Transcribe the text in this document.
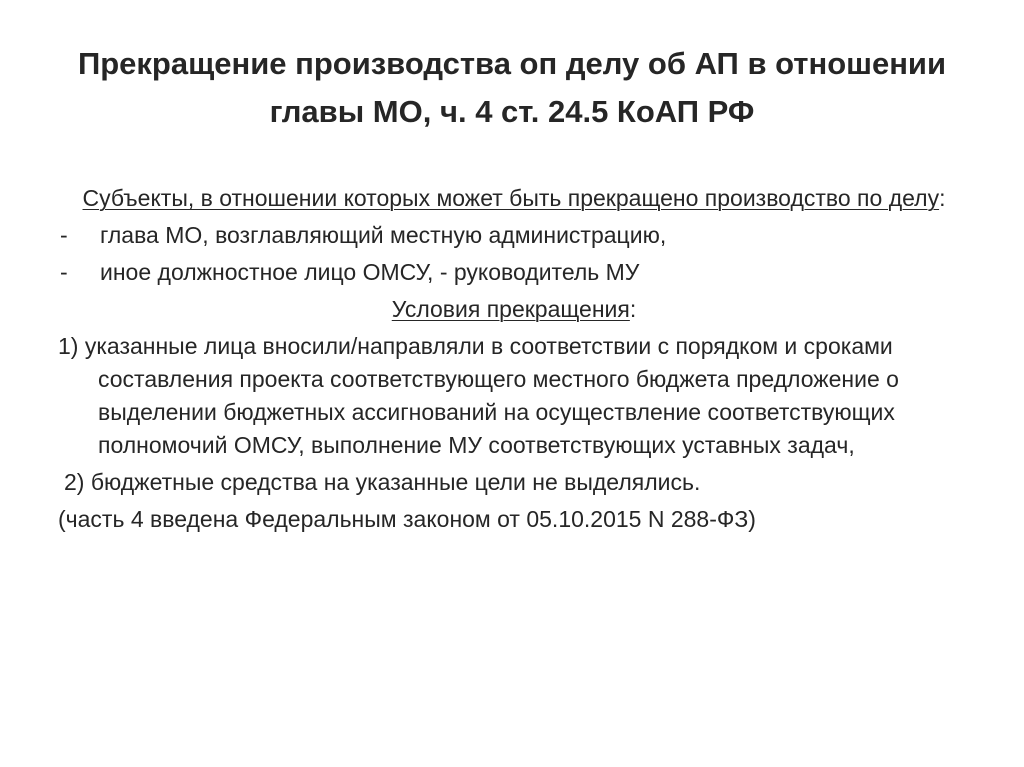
Прекращение производства оп делу об АП в отношении главы МО, ч. 4 ст. 24.5 КоАП РФ
Субъекты, в отношении которых может быть прекращено производство по делу:
-	глава МО, возглавляющий местную администрацию,
-	иное должностное лицо ОМСУ, - руководитель МУ
Условия прекращения:
1) указанные лица вносили/направляли в соответствии с порядком и сроками составления проекта соответствующего местного бюджета предложение о выделении бюджетных ассигнований на осуществление соответствующих полномочий ОМСУ, выполнение МУ соответствующих уставных задач,
2) бюджетные средства на указанные цели не выделялись.
(часть 4 введена Федеральным законом от 05.10.2015 N 288-ФЗ)
